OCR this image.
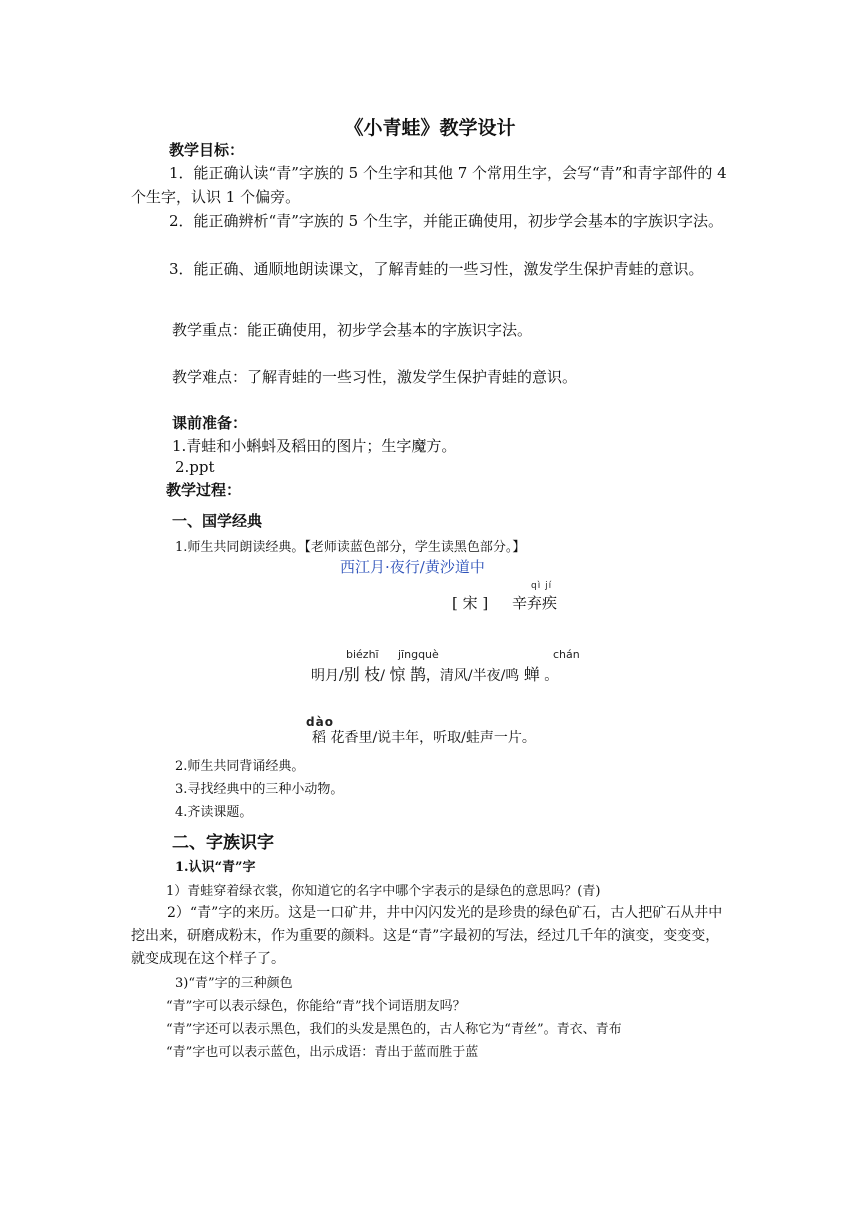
《小青蛙》教学设计
教学目标：
1．能正确认读“青”字族的 5 个生字和其他 7 个常用生字，会写“青”和青字部件的 4 个生字，认识 1 个偏旁。
2．能正确辨析“青”字族的 5 个生字，并能正确使用，初步学会基本的字族识字法。
3．能正确、通顺地朗读课文，了解青蛙的一些习性，激发学生保护青蛙的意识。
教学重点：能正确使用，初步学会基本的字族识字法。
教学难点：了解青蛙的一些习性，激发学生保护青蛙的意识。
课前准备：
1.青蛙和小蝌蚪及稻田的图片；生字魔方。
2.ppt
教学过程：
一、国学经典
1.师生共同朗读经典。【老师读蓝色部分，学生读黑色部分。】
西江月·夜行/黄沙道中
qì jí
[ 宋 ] 辛弃疾
biézhī jīngquè	chán
明月/别 枝/ 惊 鹊，清风/半夜/鸣 蝉 。
dào
稻 花香里/说丰年，听取/蛙声一片。
2.师生共同背诵经典。
3.寻找经典中的三种小动物。
4.齐读课题。
二、字族识字
1.认识“青”字
1）青蛙穿着绿衣裳，你知道它的名字中哪个字表示的是绿色的意思吗？(青)
2）“青”字的来历。这是一口矿井，井中闪闪发光的是珍贵的绿色矿石，古人把矿石从井中挖出来，研磨成粉末，作为重要的颜料。这是“青”字最初的写法，经过几千年的演变，变变变，就变成现在这个样子了。
3)“青”字的三种颜色
“青”字可以表示绿色，你能给“青”找个词语朋友吗？
“青”字还可以表示黑色，我们的头发是黑色的，古人称它为“青丝”。青衣、青布
“青”字也可以表示蓝色，出示成语：青出于蓝而胜于蓝
